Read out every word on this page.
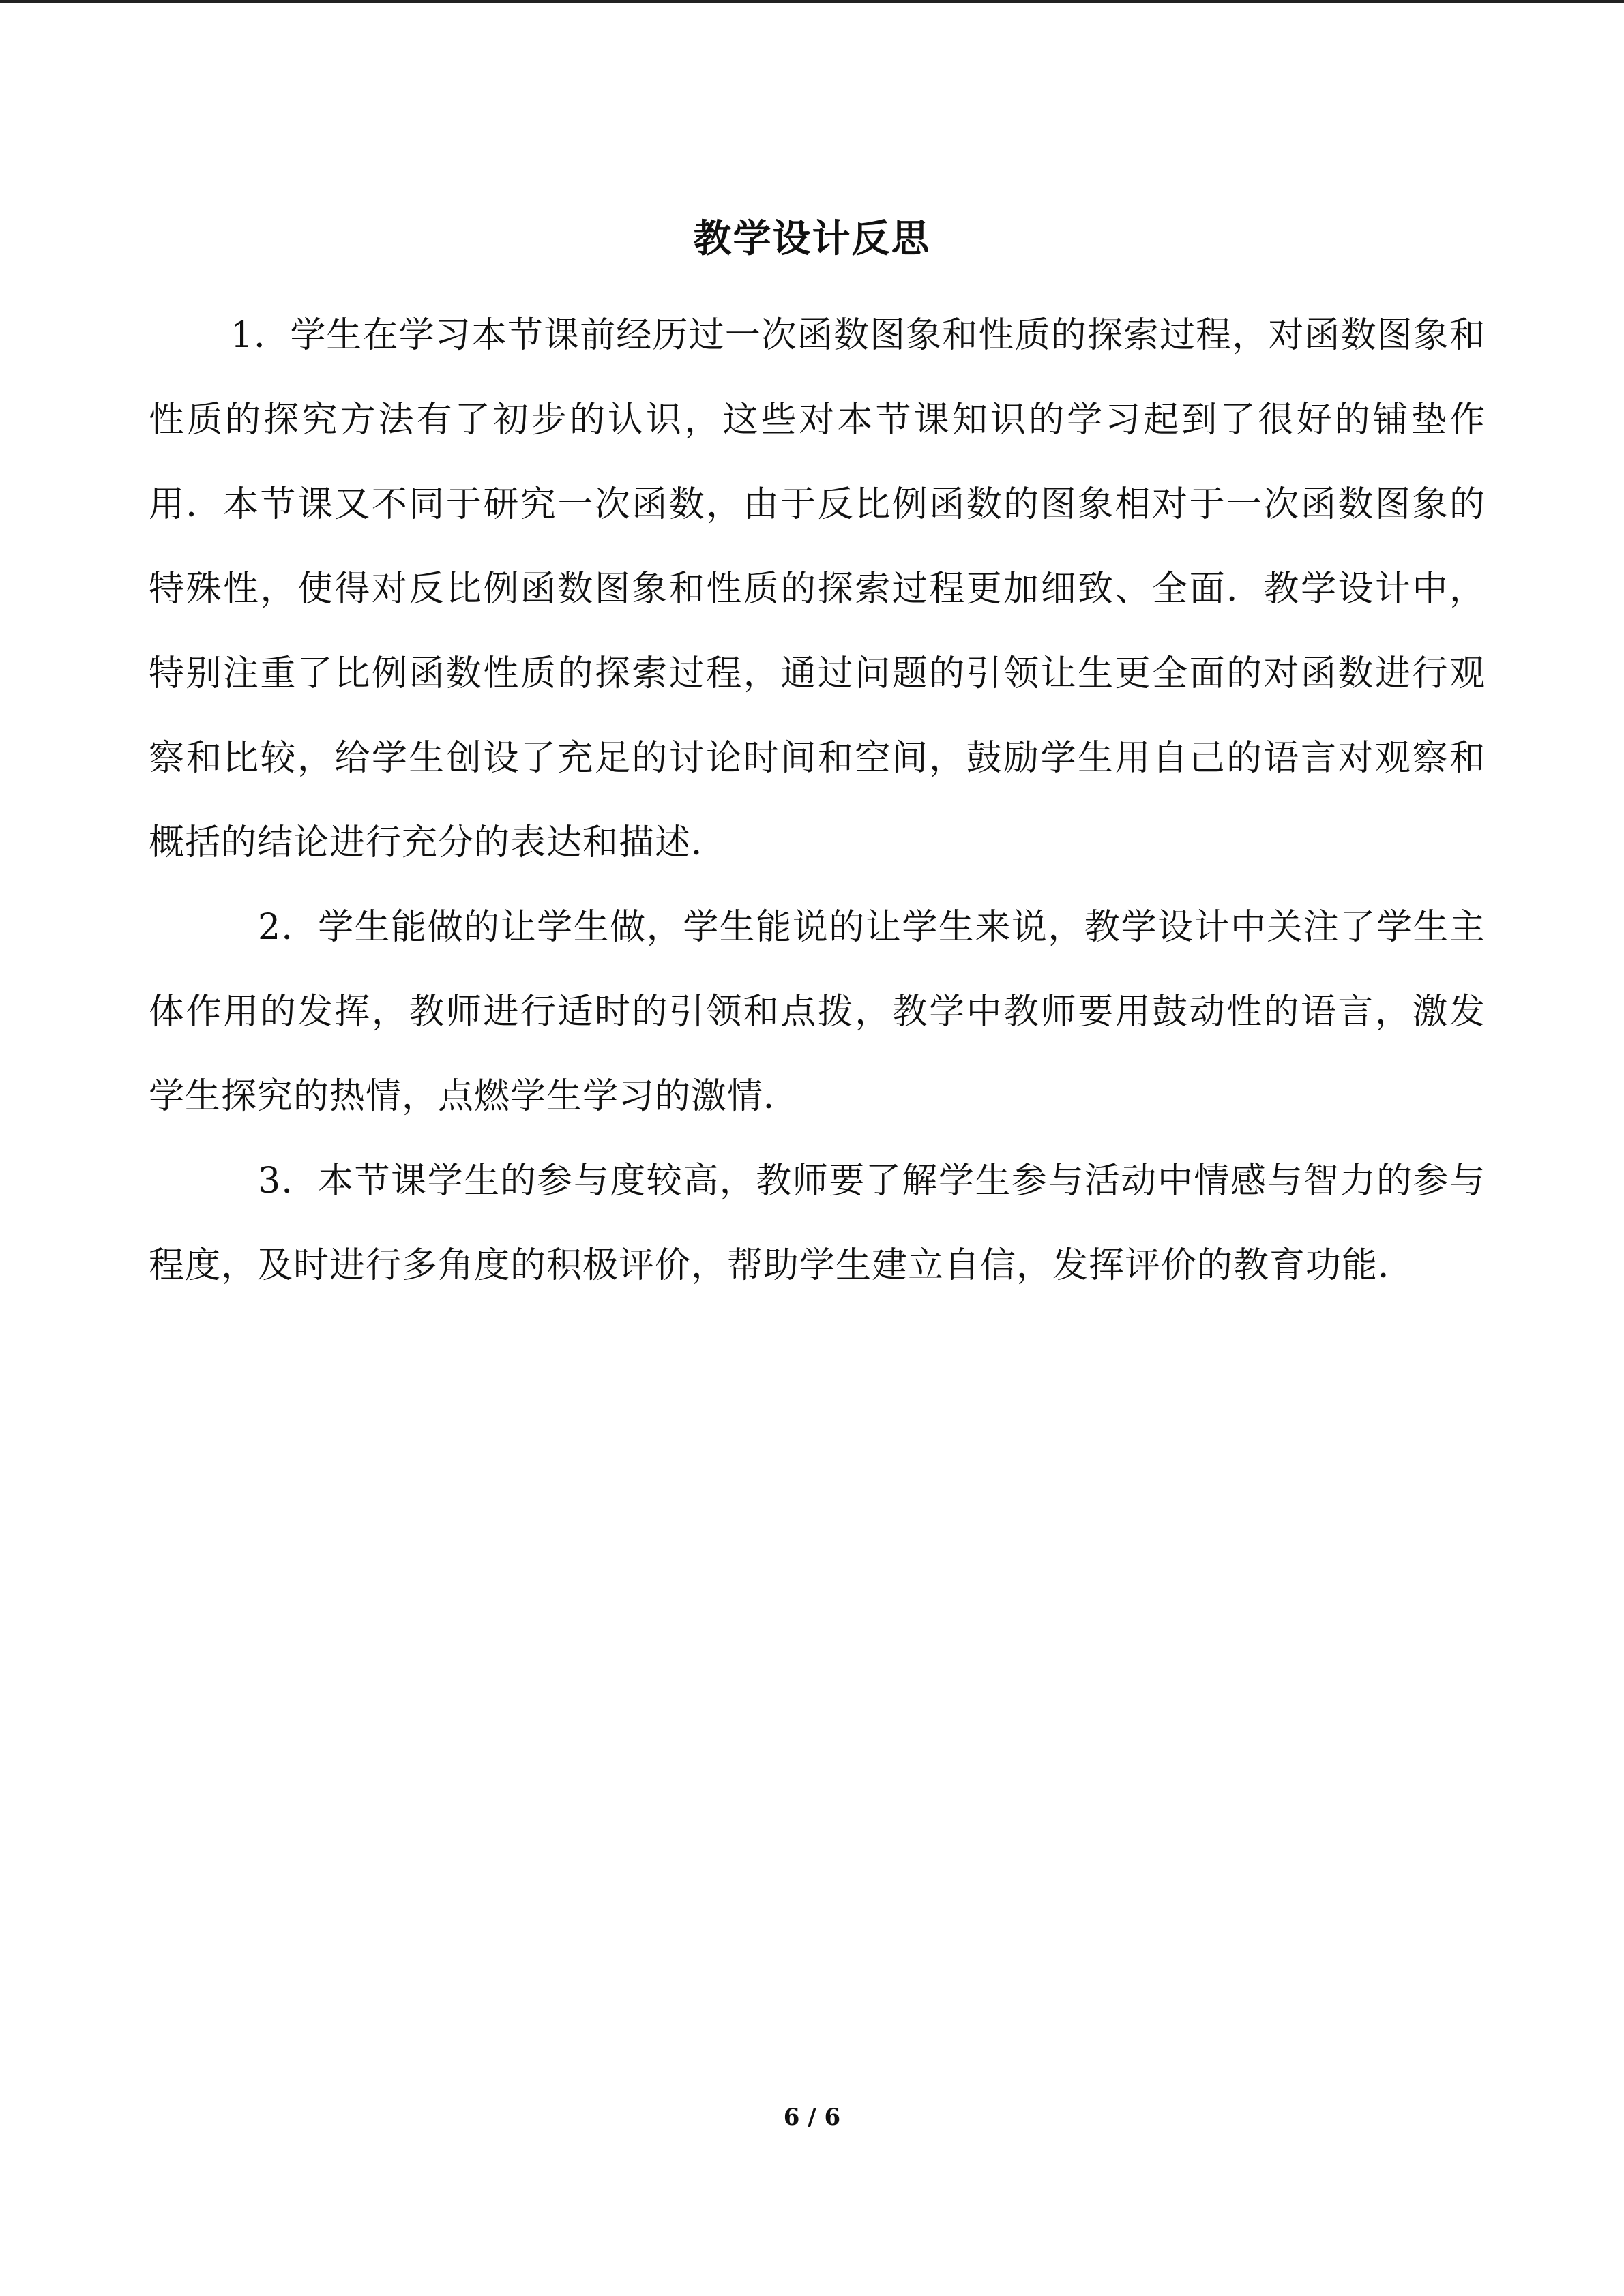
教学设计反思

1．学生在学习本节课前经历过一次函数图象和性质的探索过程，对函数图象和性质的探究方法有了初步的认识，这些对本节课知识的学习起到了很好的铺垫作用．本节课又不同于研究一次函数，由于反比例函数的图象相对于一次函数图象的特殊性，使得对反比例函数图象和性质的探索过程更加细致、全面．教学设计中，特别注重了比例函数性质的探索过程，通过问题的引领让生更全面的对函数进行观察和比较，给学生创设了充足的讨论时间和空间，鼓励学生用自己的语言对观察和概括的结论进行充分的表达和描述．

2．学生能做的让学生做，学生能说的让学生来说，教学设计中关注了学生主体作用的发挥，教师进行适时的引领和点拨，教学中教师要用鼓动性的语言，激发学生探究的热情，点燃学生学习的激情．

3．本节课学生的参与度较高，教师要了解学生参与活动中情感与智力的参与程度，及时进行多角度的积极评价，帮助学生建立自信，发挥评价的教育功能．

6 / 6
